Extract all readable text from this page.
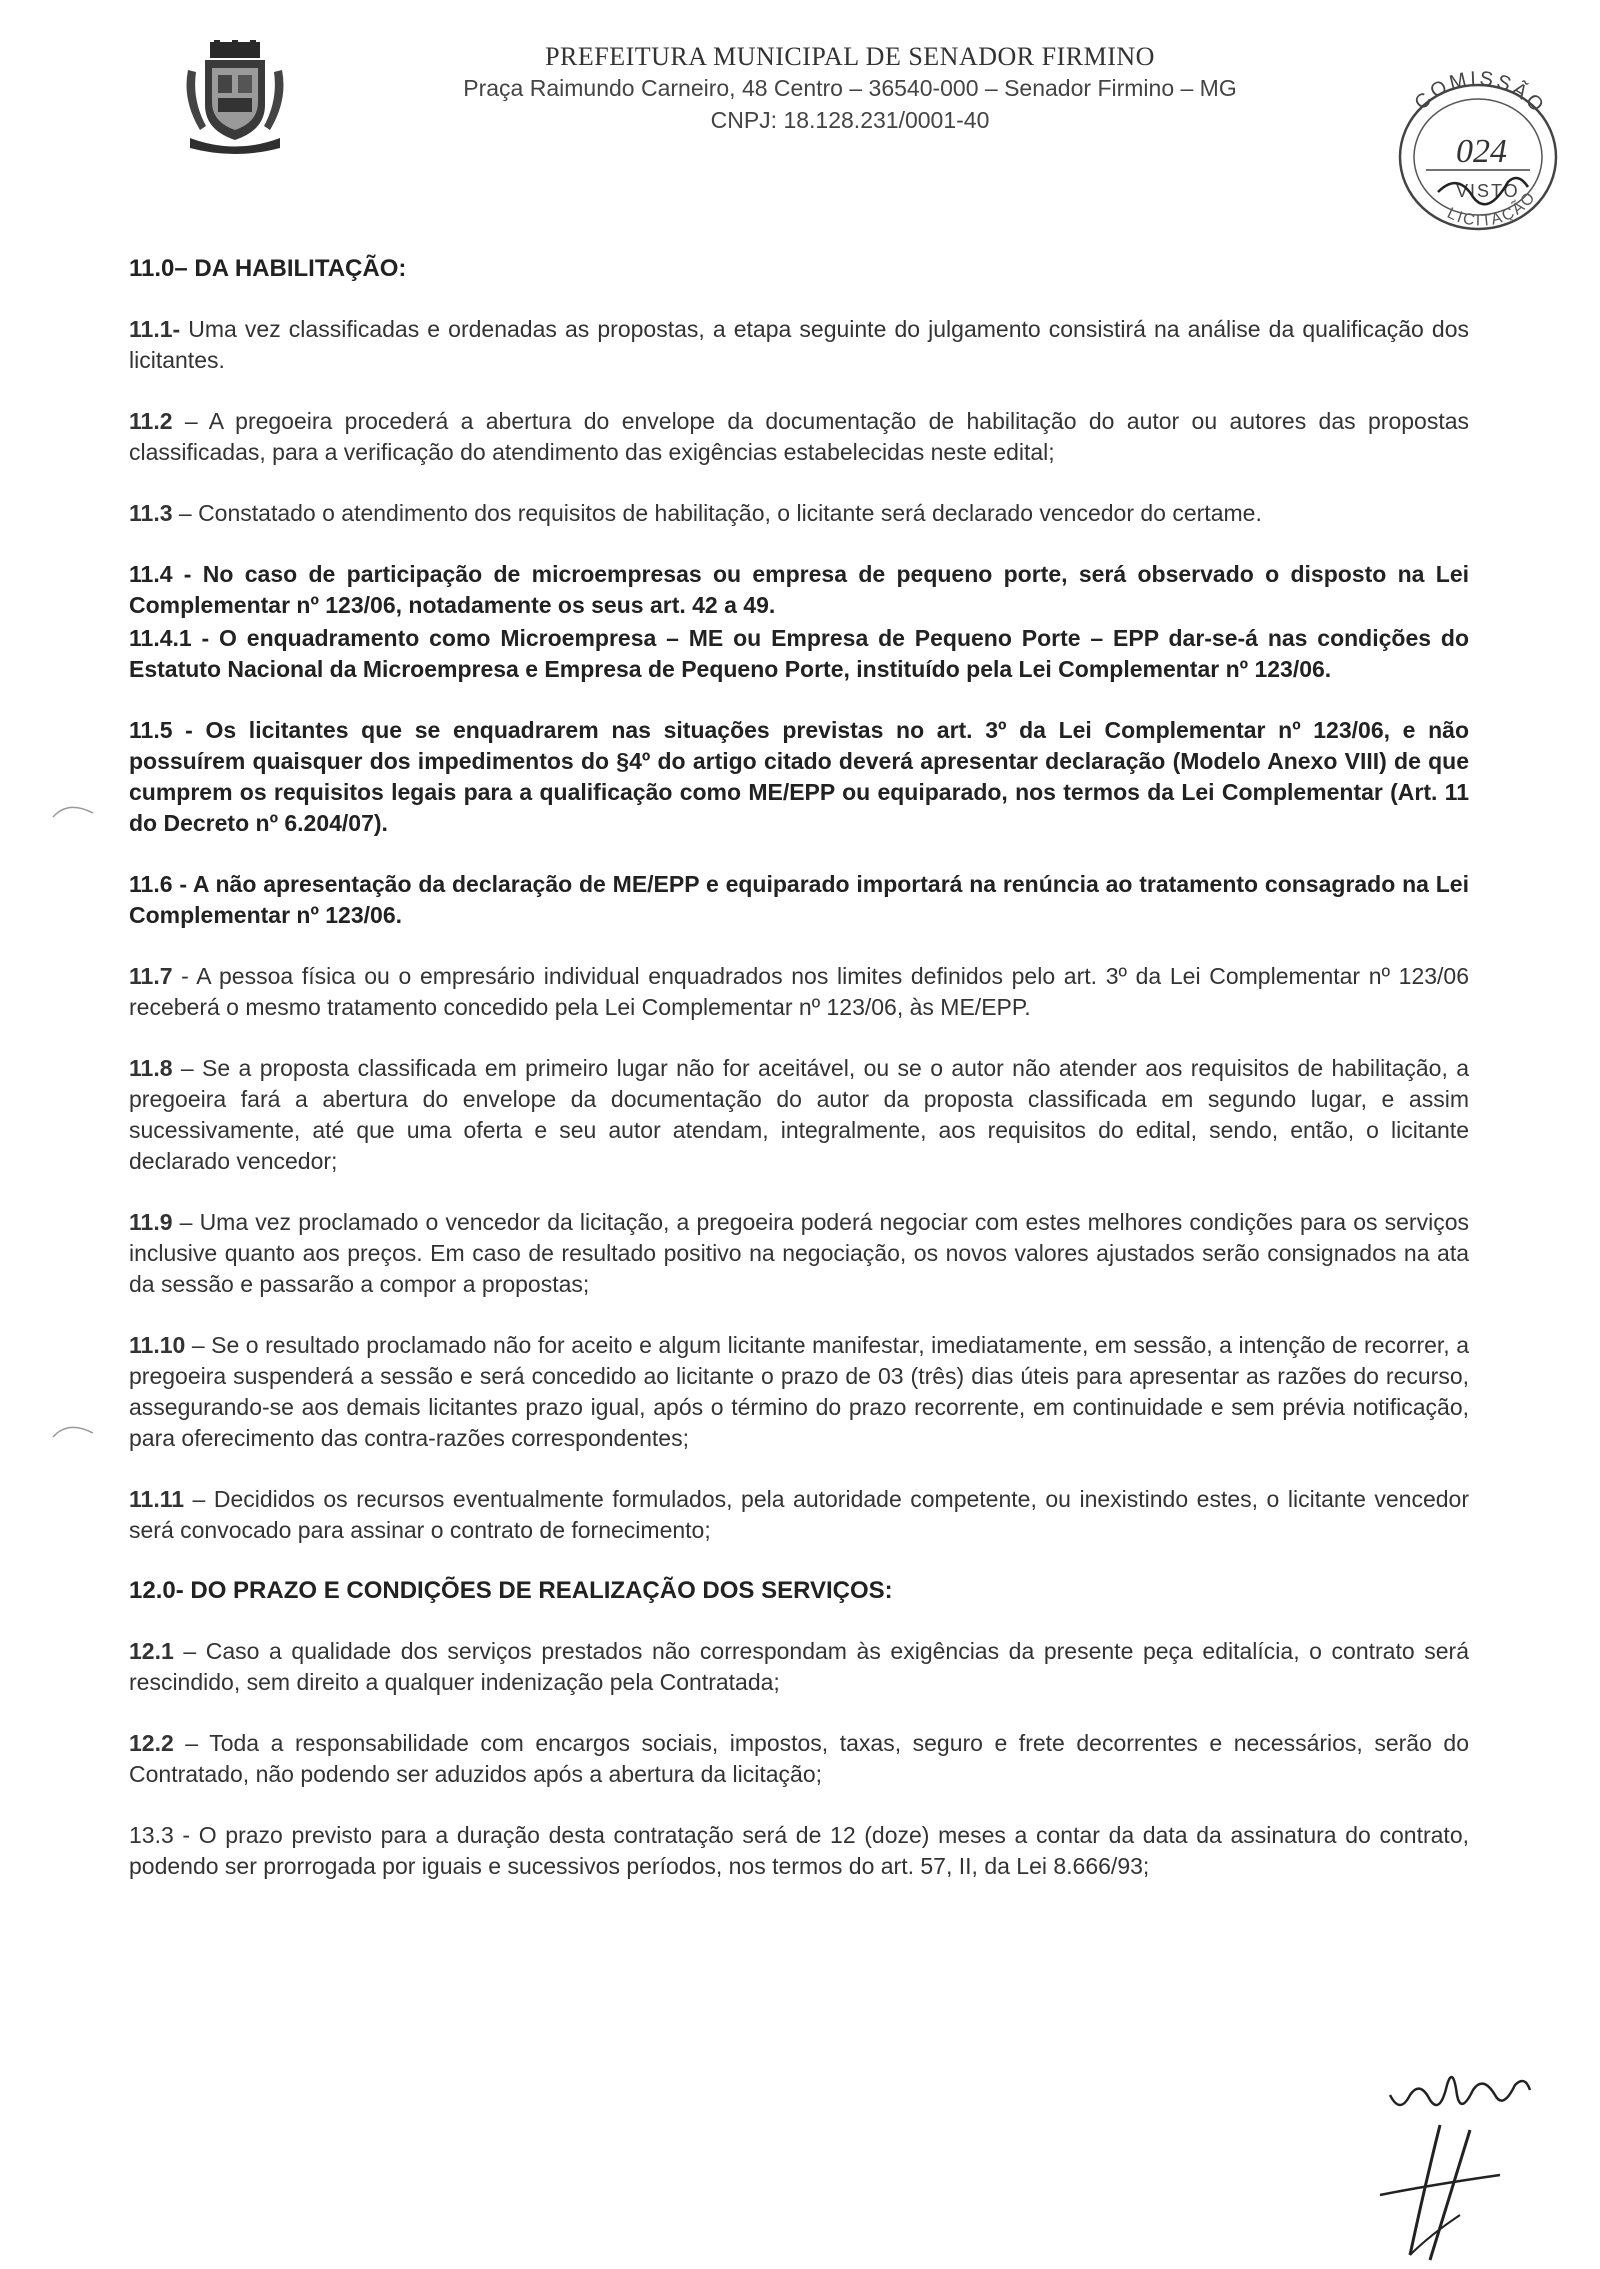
PREFEITURA MUNICIPAL DE SENADOR FIRMINO
Praça Raimundo Carneiro, 48 Centro – 36540-000 – Senador Firmino – MG
CNPJ: 18.128.231/0001-40
COMISSÃO
024
VISTO
LICITAÇÃO
11.0– DA HABILITAÇÃO:

11.1- Uma vez classificadas e ordenadas as propostas, a etapa seguinte do julgamento consistirá na análise da qualificação dos licitantes.

11.2 – A pregoeira procederá a abertura do envelope da documentação de habilitação do autor ou autores das propostas classificadas, para a verificação do atendimento das exigências estabelecidas neste edital;

11.3 – Constatado o atendimento dos requisitos de habilitação, o licitante será declarado vencedor do certame.

11.4 - No caso de participação de microempresas ou empresa de pequeno porte, será observado o disposto na Lei Complementar nº 123/06, notadamente os seus art. 42 a 49.

11.4.1 - O enquadramento como Microempresa – ME ou Empresa de Pequeno Porte – EPP dar-se-á nas condições do Estatuto Nacional da Microempresa e Empresa de Pequeno Porte, instituído pela Lei Complementar nº 123/06.

11.5 - Os licitantes que se enquadrarem nas situações previstas no art. 3º da Lei Complementar nº 123/06, e não possuírem quaisquer dos impedimentos do §4º do artigo citado deverá apresentar declaração (Modelo Anexo VIII) de que cumprem os requisitos legais para a qualificação como ME/EPP ou equiparado, nos termos da Lei Complementar (Art. 11 do Decreto nº 6.204/07).

11.6 - A não apresentação da declaração de ME/EPP e equiparado importará na renúncia ao tratamento consagrado na Lei Complementar nº 123/06.

11.7 - A pessoa física ou o empresário individual enquadrados nos limites definidos pelo art. 3º da Lei Complementar nº 123/06 receberá o mesmo tratamento concedido pela Lei Complementar nº 123/06, às ME/EPP.

11.8 – Se a proposta classificada em primeiro lugar não for aceitável, ou se o autor não atender aos requisitos de habilitação, a pregoeira fará a abertura do envelope da documentação do autor da proposta classificada em segundo lugar, e assim sucessivamente, até que uma oferta e seu autor atendam, integralmente, aos requisitos do edital, sendo, então, o licitante declarado vencedor;

11.9 – Uma vez proclamado o vencedor da licitação, a pregoeira poderá negociar com estes melhores condições para os serviços inclusive quanto aos preços. Em caso de resultado positivo na negociação, os novos valores ajustados serão consignados na ata da sessão e passarão a compor a propostas;

11.10 – Se o resultado proclamado não for aceito e algum licitante manifestar, imediatamente, em sessão, a intenção de recorrer, a pregoeira suspenderá a sessão e será concedido ao licitante o prazo de 03 (três) dias úteis para apresentar as razões do recurso, assegurando-se aos demais licitantes prazo igual, após o término do prazo recorrente, em continuidade e sem prévia notificação, para oferecimento das contra-razões correspondentes;

11.11 – Decididos os recursos eventualmente formulados, pela autoridade competente, ou inexistindo estes, o licitante vencedor será convocado para assinar o contrato de fornecimento;

12.0- DO PRAZO E CONDIÇÕES DE REALIZAÇÃO DOS SERVIÇOS:

12.1 – Caso a qualidade dos serviços prestados não correspondam às exigências da presente peça editalícia, o contrato será rescindido, sem direito a qualquer indenização pela Contratada;

12.2 – Toda a responsabilidade com encargos sociais, impostos, taxas, seguro e frete decorrentes e necessários, serão do Contratado, não podendo ser aduzidos após a abertura da licitação;

13.3 - O prazo previsto para a duração desta contratação será de 12 (doze) meses a contar da data da assinatura do contrato, podendo ser prorrogada por iguais e sucessivos períodos, nos termos do art. 57, II, da Lei 8.666/93;
